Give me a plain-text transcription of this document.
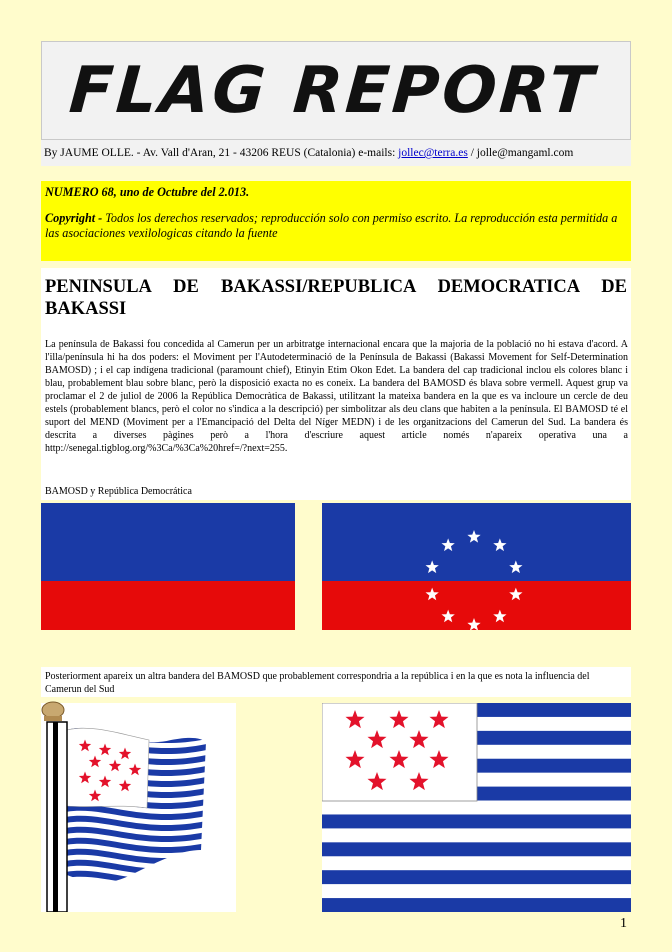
FLAG REPORT
By JAUME OLLE. - Av. Vall d'Aran, 21 - 43206 REUS (Catalonia) e-mails: jollec@terra.es / jolle@mangaml.com

NUMERO 68, uno de Octubre del 2.013.

Copyright - Todos los derechos reservados; reproducción solo con permiso escrito. La reproducción esta permitida a las asociaciones vexilologicas citando la fuente

PENINSULA DE BAKASSI/REPUBLICA DEMOCRATICA DE
BAKASSI
La península de Bakassi fou concedida al Camerun per un arbitratge internacional encara que la majoria de la població no hi estava d'acord. A l'illa/península hi ha dos poders: el Moviment per l'Autodeterminació de la Península de Bakassi (Bakassi Movement for Self-Determination BAMOSD) ; i el cap indígena tradicional (paramount chief), Etinyin Etim Okon Edet. La bandera del cap tradicional inclou els colores blanc i blau, probablement blau sobre blanc, però la disposició exacta no es coneix. La bandera del BAMOSD és blava sobre vermell. Aquest grup va proclamar el 2 de juliol de 2006 la República Democràtica de Bakassi, utilitzant la mateixa bandera en la que es va incloure un cercle de deu estels (probablement blancs, però el color no s'indica a la descripció) per simbolitzar als deu clans que habiten a la península. El BAMOSD té el suport del MEND (Moviment per a l'Emancipació del Delta del Níger MEDN) i de les organitzacions del Camerun del Sud. La bandera és descrita a diverses pàgines però a l'hora d'escriure aquest article només n'apareix operativa una a http://senegal.tigblog.org/%3Ca/%3Ca%20href=/?next=255.
BAMOSD y República Democrática
Posteriorment apareix un altra bandera del BAMOSD que probablement correspondria a la república i en la que es nota la influencia del Camerun del Sud
1
